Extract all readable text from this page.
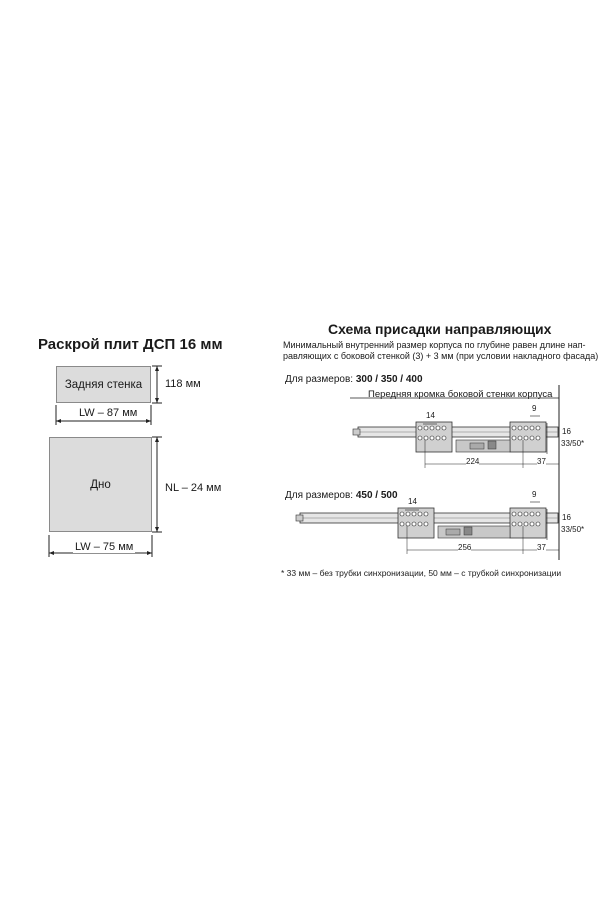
Раскрой плит ДСП 16 мм
Задняя стенка	118 мм
LW – 87 мм
Дно	NL – 24 мм
LW – 75 мм
Схема присадки направляющих
Минимальный внутренний размер корпуса по глубине равен длине нап-
равляющих с боковой стенкой (3) + 3 мм (при условии накладного фасада)
Для размеров: 300 / 350 / 400
Передняя кромка боковой стенки корпуса
14
9
16
33/50*
224	37
Для размеров: 450 / 500
14
9
16
33/50*
256	37
* 33 мм – без трубки синхронизации, 50 мм – с трубкой синхронизации
